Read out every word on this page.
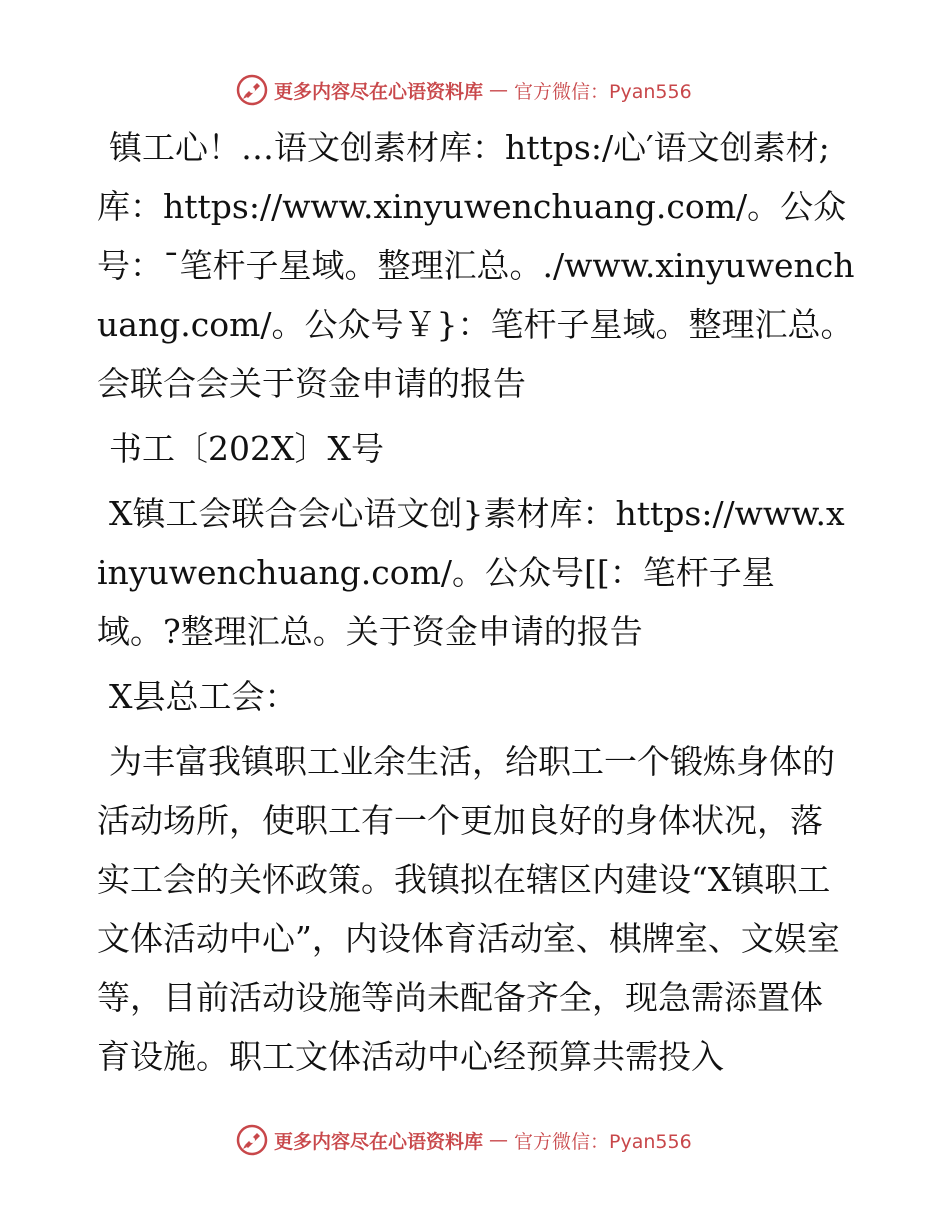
更多内容尽在心语资料库 — 官方微信：Pyan556

镇工心！…语文创素材库：https:/心′语文创素材;库：https://www.xinyuwenchuang.com/。公众号：¯笔杆子星域。整理汇总。./www.xinyuwenchuang.com/。公众号￥}：笔杆子星域。整理汇总。会联合会关于资金申请的报告

书工〔202X〕X号

X镇工会联合会心语文创}素材库：https://www.xinyuwenchuang.com/。公众号[[：笔杆子星域。?整理汇总。关于资金申请的报告

X县总工会：

为丰富我镇职工业余生活，给职工一个锻炼身体的活动场所，使职工有一个更加良好的身体状况，落实工会的关怀政策。我镇拟在辖区内建设“X镇职工文体活动中心”，内设体育活动室、棋牌室、文娱室等，目前活动设施等尚未配备齐全，现急需添置体育设施。职工文体活动中心经预算共需投入

更多内容尽在心语资料库 — 官方微信：Pyan556
